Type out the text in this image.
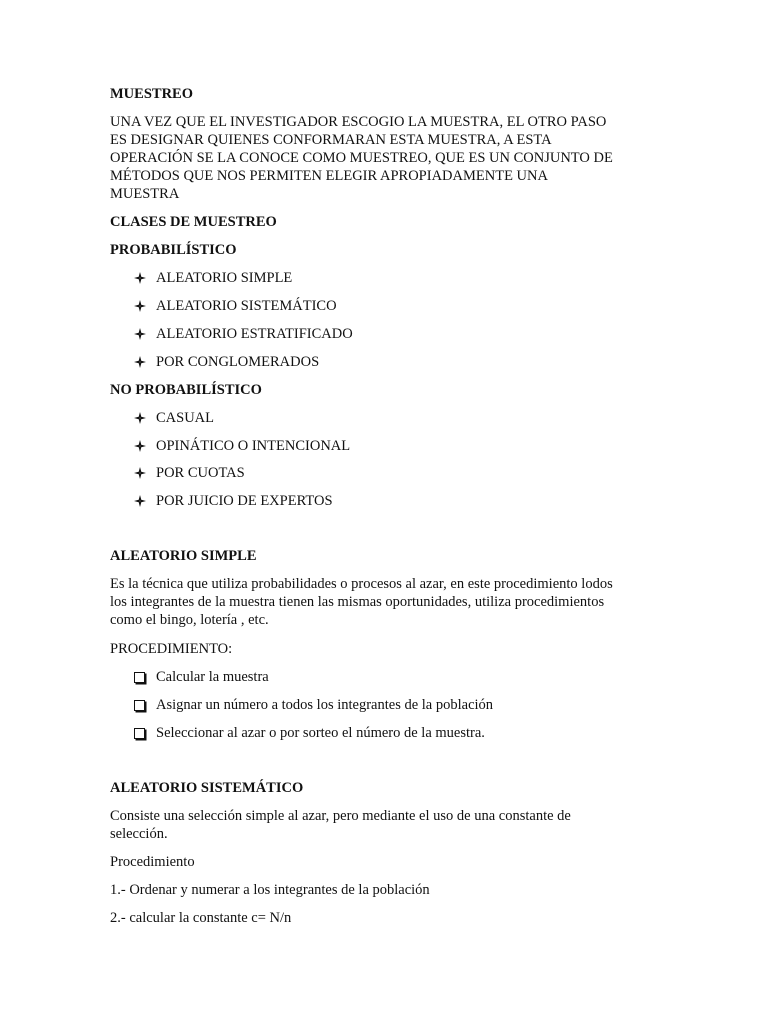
MUESTREO
UNA VEZ QUE EL INVESTIGADOR ESCOGIO LA MUESTRA, EL OTRO PASO
ES DESIGNAR QUIENES CONFORMARAN ESTA MUESTRA, A ESTA
OPERACIÓN SE LA CONOCE COMO MUESTREO, QUE ES UN CONJUNTO DE
MÉTODOS QUE NOS PERMITEN ELEGIR APROPIADAMENTE UNA
MUESTRA
CLASES DE MUESTREO
PROBABILÍSTICO
ALEATORIO SIMPLE
ALEATORIO SISTEMÁTICO
ALEATORIO ESTRATIFICADO
POR CONGLOMERADOS
NO PROBABILÍSTICO
CASUAL
OPINÁTICO O INTENCIONAL
POR CUOTAS
POR JUICIO DE EXPERTOS
ALEATORIO SIMPLE
Es la técnica que utiliza probabilidades o procesos al azar, en este procedimiento lodos
los integrantes de la muestra tienen las mismas oportunidades, utiliza procedimientos
como el bingo, lotería , etc.
PROCEDIMIENTO:
Calcular la muestra
Asignar un número a todos los integrantes de la población
Seleccionar al azar o por sorteo el número de la muestra.
ALEATORIO SISTEMÁTICO
Consiste una selección simple al azar, pero mediante el uso de una constante de
selección.
Procedimiento
1.- Ordenar y numerar a los integrantes de la población
2.- calcular la constante c= N/n
